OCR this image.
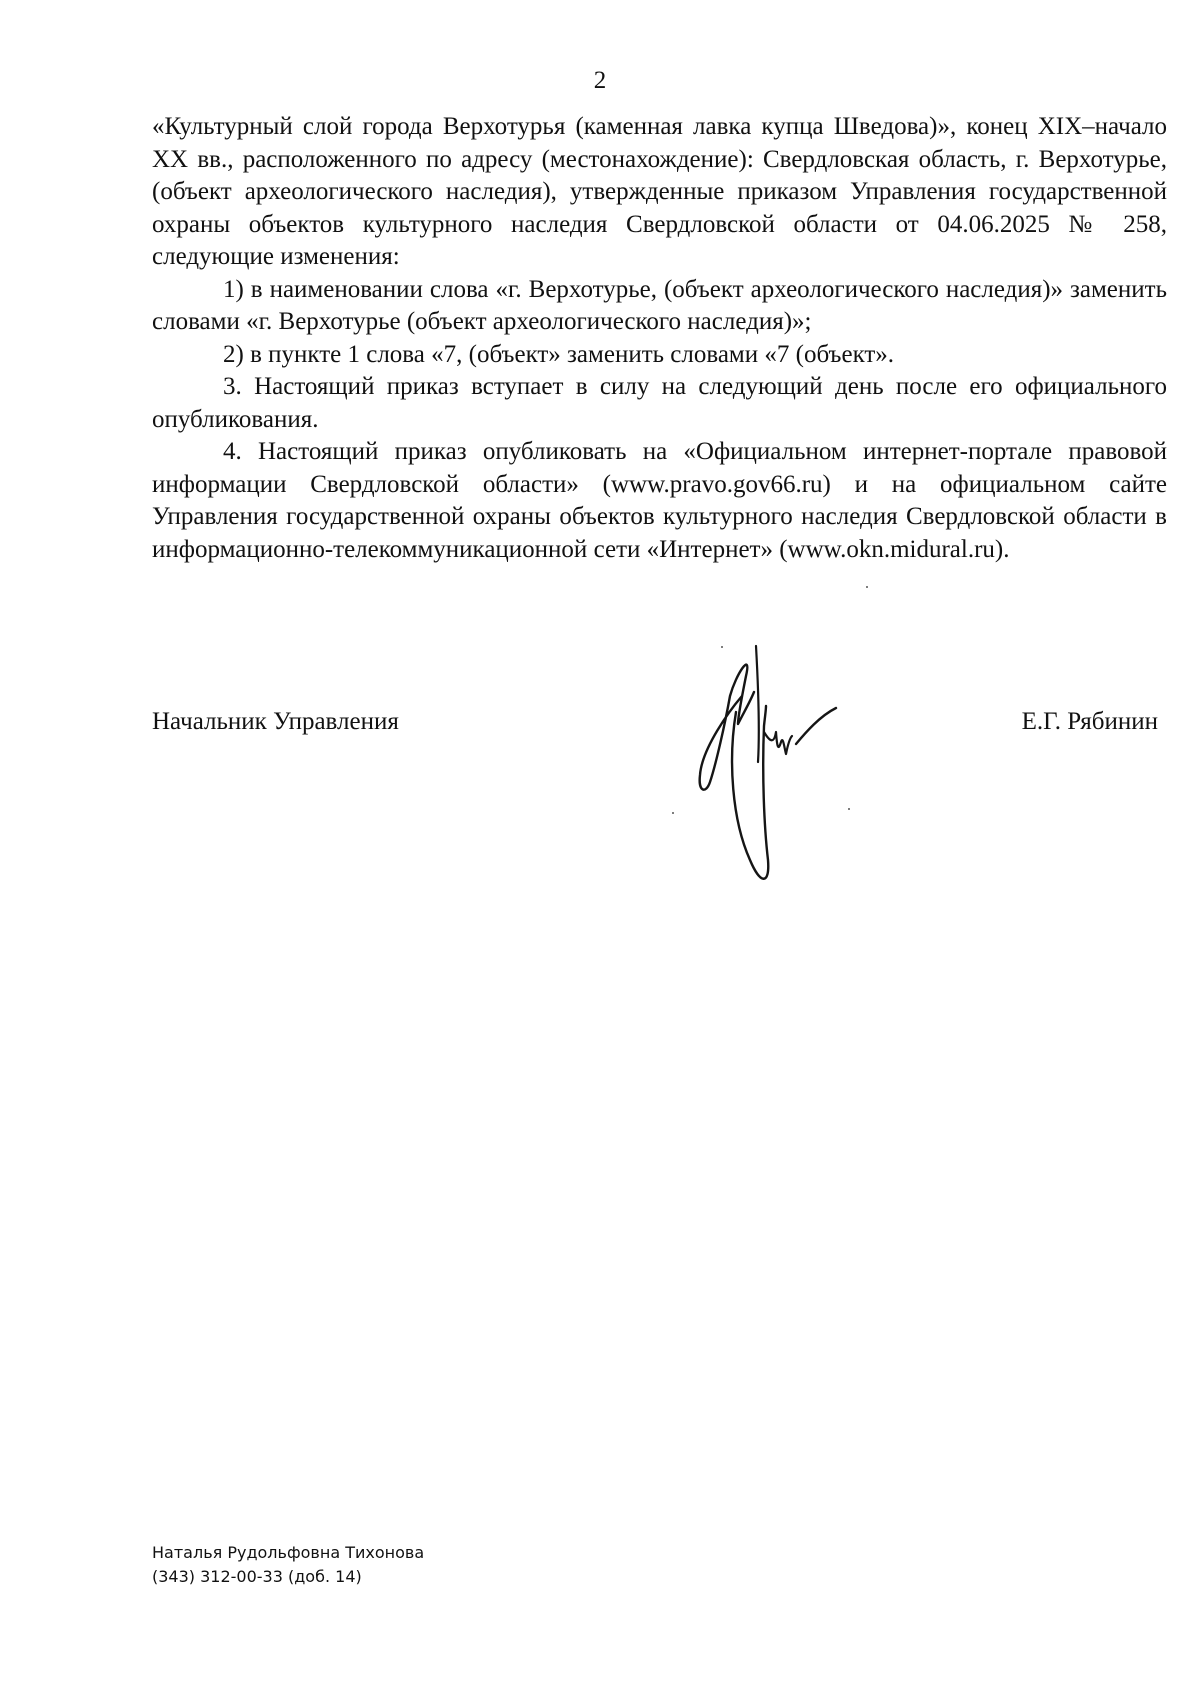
2

«Культурный слой города Верхотурья (каменная лавка купца Шведова)», конец XIX–начало XX вв., расположенного по адресу (местонахождение): Свердловская область, г. Верхотурье, (объект археологического наследия), утвержденные приказом Управления государственной охраны объектов культурного наследия Свердловской области от 04.06.2025 № 258, следующие изменения:

1) в наименовании слова «г. Верхотурье, (объект археологического наследия)» заменить словами «г. Верхотурье (объект археологического наследия)»;

2) в пункте 1 слова «7, (объект» заменить словами «7 (объект».

3. Настоящий приказ вступает в силу на следующий день после его официального опубликования.

4. Настоящий приказ опубликовать на «Официальном интернет-портале правовой информации Свердловской области» (www.pravo.gov66.ru) и на официальном сайте Управления государственной охраны объектов культурного наследия Свердловской области в информационно-телекоммуникационной сети «Интернет» (www.okn.midural.ru).

Начальник Управления	Е.Г. Рябинин
Наталья Рудольфовна Тихонова
(343) 312-00-33 (доб. 14)
